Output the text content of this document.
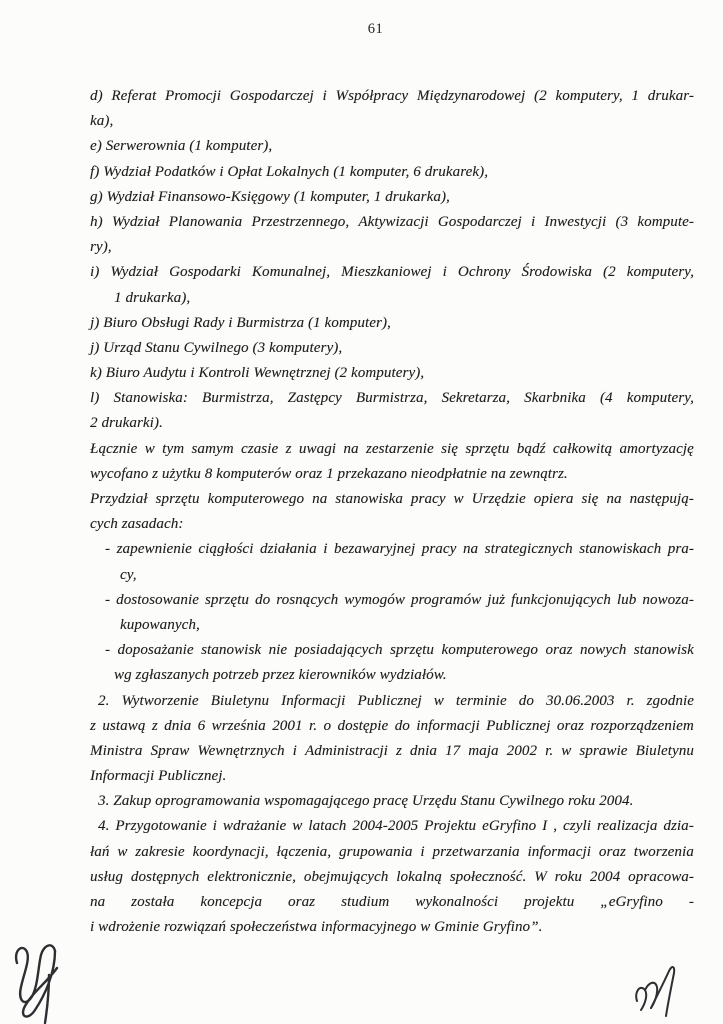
61
d) Referat Promocji Gospodarczej i Współpracy Międzynarodowej (2 komputery, 1 drukar-
ka),
e) Serwerownia (1 komputer),
f) Wydział Podatków i Opłat Lokalnych (1 komputer, 6 drukarek),
g) Wydział Finansowo-Księgowy (1 komputer, 1 drukarka),
h) Wydział Planowania Przestrzennego, Aktywizacji Gospodarczej i Inwestycji (3 kompute-
ry),
i) Wydział Gospodarki Komunalnej, Mieszkaniowej i Ochrony Środowiska (2 komputery,
1 drukarka),
j) Biuro Obsługi Rady i Burmistrza (1 komputer),
j) Urząd Stanu Cywilnego (3 komputery),
k) Biuro Audytu i Kontroli Wewnętrznej (2 komputery),
l) Stanowiska: Burmistrza, Zastępcy Burmistrza, Sekretarza, Skarbnika (4 komputery,
2 drukarki).
Łącznie w tym samym czasie z uwagi na zestarzenie się sprzętu bądź całkowitą amortyzację
wycofano z użytku 8 komputerów oraz 1 przekazano nieodpłatnie na zewnątrz.
Przydział sprzętu komputerowego na stanowiska pracy w Urzędzie opiera się na następują-
cych zasadach:
- zapewnienie ciągłości działania i bezawaryjnej pracy na strategicznych stanowiskach pra-
cy,
- dostosowanie sprzętu do rosnących wymogów programów już funkcjonujących lub nowoza-
kupowanych,
- doposażanie stanowisk nie posiadających sprzętu komputerowego oraz nowych stanowisk
wg zgłaszanych potrzeb przez kierowników wydziałów.
2. Wytworzenie Biuletynu Informacji Publicznej w terminie do 30.06.2003 r. zgodnie
z ustawą z dnia 6 września 2001 r. o dostępie do informacji Publicznej oraz rozporządzeniem
Ministra Spraw Wewnętrznych i Administracji z dnia 17 maja 2002 r. w sprawie Biuletynu
Informacji Publicznej.
3. Zakup oprogramowania wspomagającego pracę Urzędu Stanu Cywilnego roku 2004.
4. Przygotowanie i wdrażanie w latach 2004-2005 Projektu eGryfino I , czyli realizacja dzia-
łań w zakresie koordynacji, łączenia, grupowania i przetwarzania informacji oraz tworzenia
usług dostępnych elektronicznie, obejmujących lokalną społeczność. W roku 2004 opracowa-
na została koncepcja oraz studium wykonalności projektu „eGryfino -
i wdrożenie rozwiązań społeczeństwa informacyjnego w Gminie Gryfino”.
